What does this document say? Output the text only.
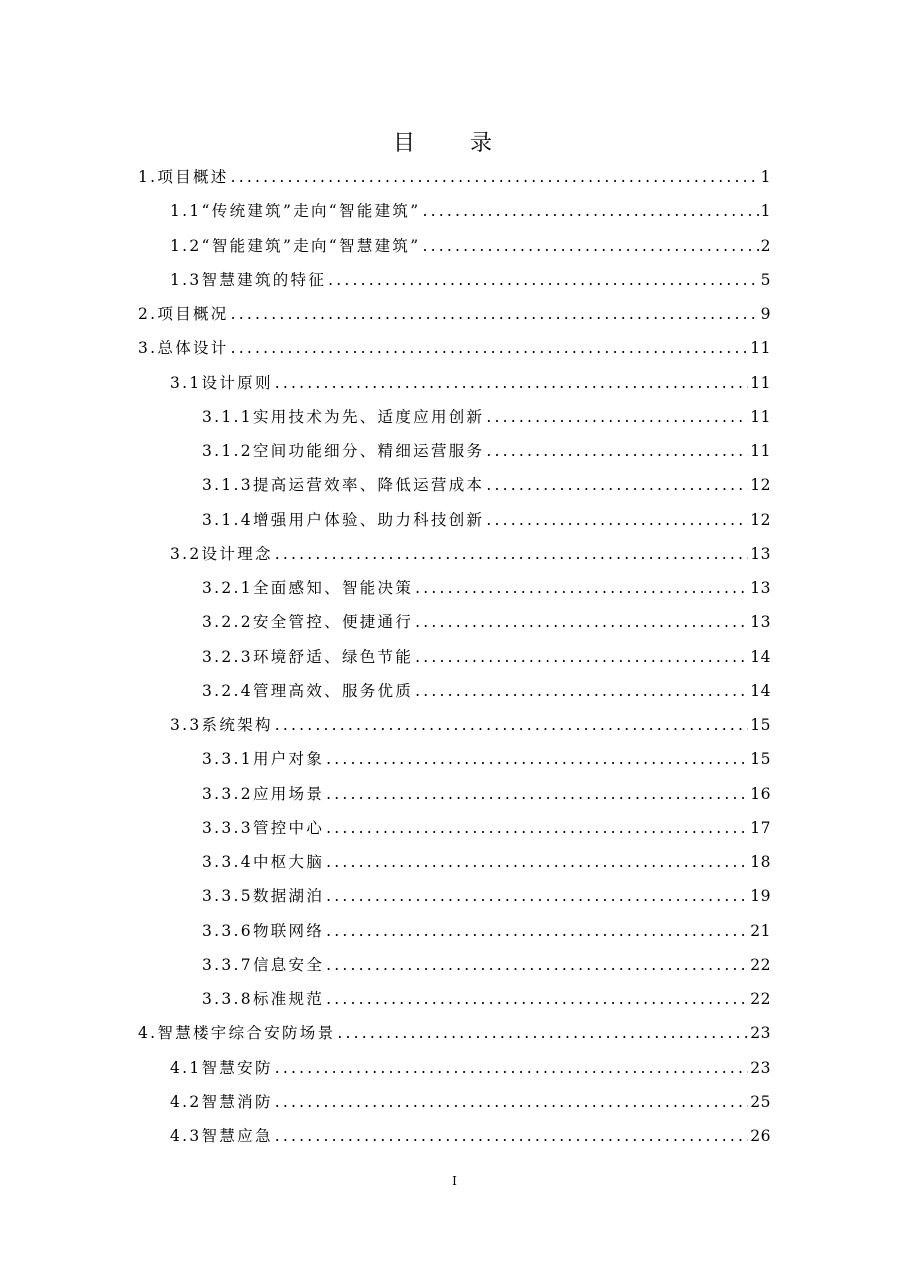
目 录
1.项目概述 .....	1
1.1“传统建筑”走向“智能建筑” .....	1
1.2“智能建筑”走向“智慧建筑” .....	2
1.3智慧建筑的特征 .....	5
2.项目概况 .....	9
3.总体设计 .....	11
3.1设计原则 .....	11
3.1.1实用技术为先、适度应用创新 .....	11
3.1.2空间功能细分、精细运营服务 .....	11
3.1.3提高运营效率、降低运营成本 .....	12
3.1.4增强用户体验、助力科技创新 .....	12
3.2设计理念 .....	13
3.2.1全面感知、智能决策 .....	13
3.2.2安全管控、便捷通行 .....	13
3.2.3环境舒适、绿色节能 .....	14
3.2.4管理高效、服务优质 .....	14
3.3系统架构 .....	15
3.3.1用户对象 .....	15
3.3.2应用场景 .....	16
3.3.3管控中心 .....	17
3.3.4中枢大脑 .....	18
3.3.5数据湖泊 .....	19
3.3.6物联网络 .....	21
3.3.7信息安全 .....	22
3.3.8标准规范 .....	22
4.智慧楼宇综合安防场景 .....	23
4.1智慧安防 .....	23
4.2智慧消防 .....	25
4.3智慧应急 .....	26
I
